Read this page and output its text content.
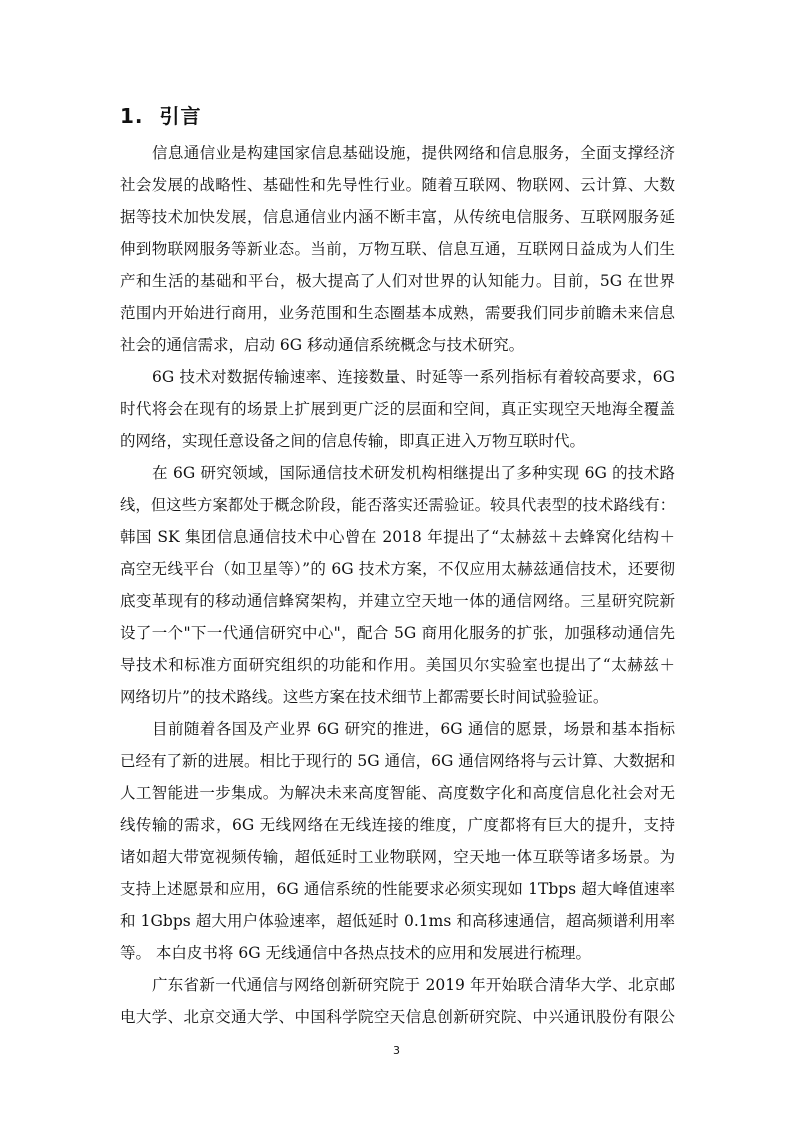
1. 引言
信息通信业是构建国家信息基础设施，提供网络和信息服务，全面支撑经济
社会发展的战略性、基础性和先导性行业。随着互联网、物联网、云计算、大数
据等技术加快发展，信息通信业内涵不断丰富，从传统电信服务、互联网服务延
伸到物联网服务等新业态。当前，万物互联、信息互通，互联网日益成为人们生
产和生活的基础和平台，极大提高了人们对世界的认知能力。目前，5G 在世界
范围内开始进行商用，业务范围和生态圈基本成熟，需要我们同步前瞻未来信息
社会的通信需求，启动 6G 移动通信系统概念与技术研究。
6G 技术对数据传输速率、连接数量、时延等一系列指标有着较高要求，6G
时代将会在现有的场景上扩展到更广泛的层面和空间，真正实现空天地海全覆盖
的网络，实现任意设备之间的信息传输，即真正进入万物互联时代。
在 6G 研究领域，国际通信技术研发机构相继提出了多种实现 6G 的技术路
线，但这些方案都处于概念阶段，能否落实还需验证。较具代表型的技术路线有：
韩国 SK 集团信息通信技术中心曾在 2018 年提出了“太赫兹＋去蜂窝化结构＋
高空无线平台（如卫星等）”的 6G 技术方案，不仅应用太赫兹通信技术，还要彻
底变革现有的移动通信蜂窝架构，并建立空天地一体的通信网络。三星研究院新
设了一个"下一代通信研究中心"，配合 5G 商用化服务的扩张，加强移动通信先
导技术和标准方面研究组织的功能和作用。美国贝尔实验室也提出了“太赫兹＋
网络切片”的技术路线。这些方案在技术细节上都需要长时间试验验证。
目前随着各国及产业界 6G 研究的推进，6G 通信的愿景，场景和基本指标
已经有了新的进展。相比于现行的 5G 通信，6G 通信网络将与云计算、大数据和
人工智能进一步集成。为解决未来高度智能、高度数字化和高度信息化社会对无
线传输的需求，6G 无线网络在无线连接的维度，广度都将有巨大的提升，支持
诸如超大带宽视频传输，超低延时工业物联网，空天地一体互联等诸多场景。为
支持上述愿景和应用，6G 通信系统的性能要求必须实现如 1Tbps 超大峰值速率
和 1Gbps 超大用户体验速率，超低延时 0.1ms 和高移速通信，超高频谱利用率
等。 本白皮书将 6G 无线通信中各热点技术的应用和发展进行梳理。
广东省新一代通信与网络创新研究院于 2019 年开始联合清华大学、北京邮
电大学、北京交通大学、中国科学院空天信息创新研究院、中兴通讯股份有限公
3
